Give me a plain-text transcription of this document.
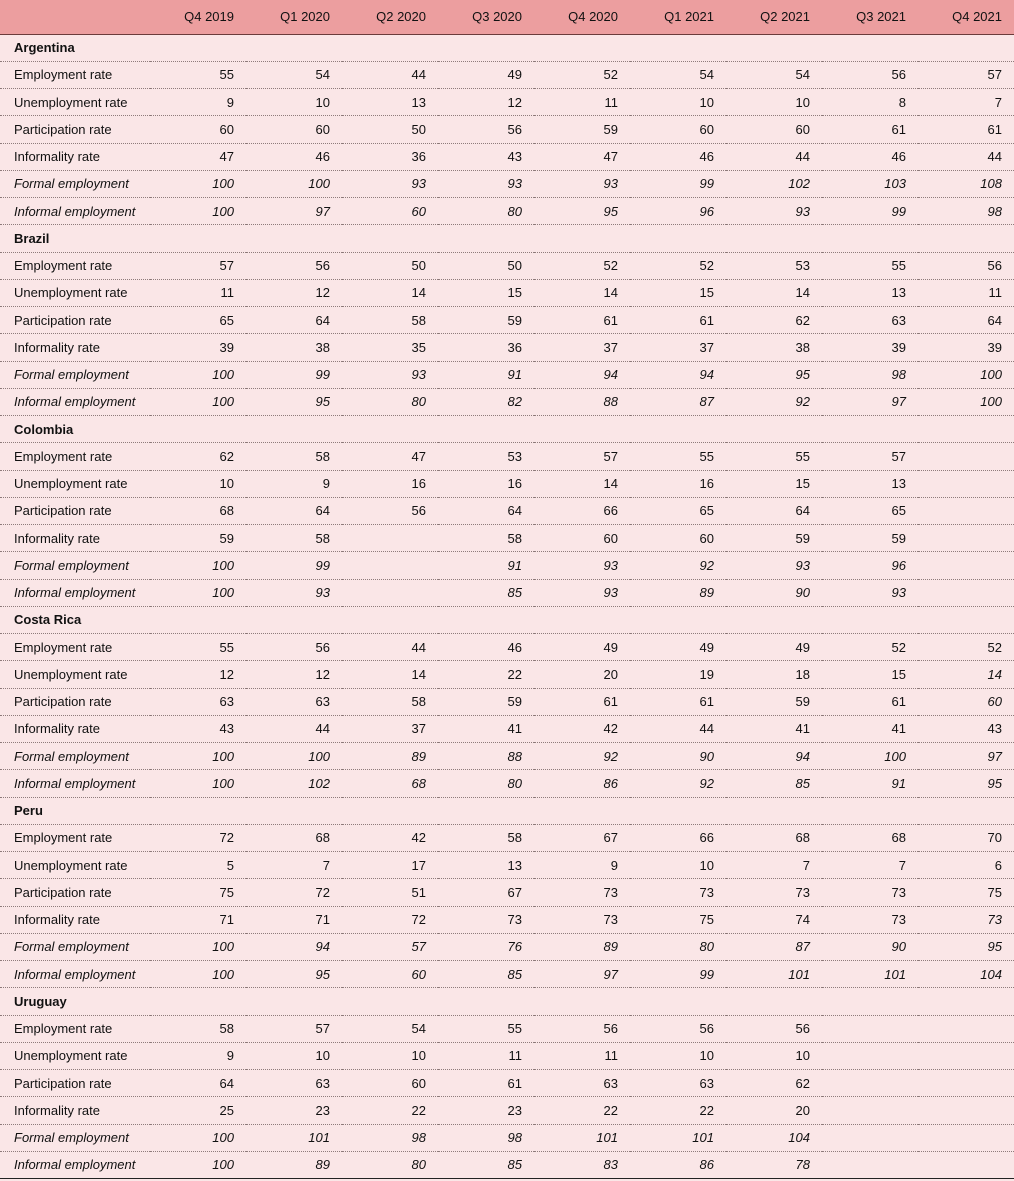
	Q4 2019	Q1 2020	Q2 2020	Q3 2020	Q4 2020	Q1 2021	Q2 2021	Q3 2021	Q4 2021
Argentina									
Employment rate	55	54	44	49	52	54	54	56	57
Unemployment rate	9	10	13	12	11	10	10	8	7
Participation rate	60	60	50	56	59	60	60	61	61
Informality rate	47	46	36	43	47	46	44	46	44
Formal employment	100	100	93	93	93	99	102	103	108
Informal employment	100	97	60	80	95	96	93	99	98
Brazil									
Employment rate	57	56	50	50	52	52	53	55	56
Unemployment rate	11	12	14	15	14	15	14	13	11
Participation rate	65	64	58	59	61	61	62	63	64
Informality rate	39	38	35	36	37	37	38	39	39
Formal employment	100	99	93	91	94	94	95	98	100
Informal employment	100	95	80	82	88	87	92	97	100
Colombia									
Employment rate	62	58	47	53	57	55	55	57	
Unemployment rate	10	9	16	16	14	16	15	13	
Participation rate	68	64	56	64	66	65	64	65	
Informality rate	59	58		58	60	60	59	59	
Formal employment	100	99		91	93	92	93	96	
Informal employment	100	93		85	93	89	90	93	
Costa Rica									
Employment rate	55	56	44	46	49	49	49	52	52
Unemployment rate	12	12	14	22	20	19	18	15	14
Participation rate	63	63	58	59	61	61	59	61	60
Informality rate	43	44	37	41	42	44	41	41	43
Formal employment	100	100	89	88	92	90	94	100	97
Informal employment	100	102	68	80	86	92	85	91	95
Peru									
Employment rate	72	68	42	58	67	66	68	68	70
Unemployment rate	5	7	17	13	9	10	7	7	6
Participation rate	75	72	51	67	73	73	73	73	75
Informality rate	71	71	72	73	73	75	74	73	73
Formal employment	100	94	57	76	89	80	87	90	95
Informal employment	100	95	60	85	97	99	101	101	104
Uruguay									
Employment rate	58	57	54	55	56	56	56		
Unemployment rate	9	10	10	11	11	10	10		
Participation rate	64	63	60	61	63	63	62		
Informality rate	25	23	22	23	22	22	20		
Formal employment	100	101	98	98	101	101	104		
Informal employment	100	89	80	85	83	86	78		
